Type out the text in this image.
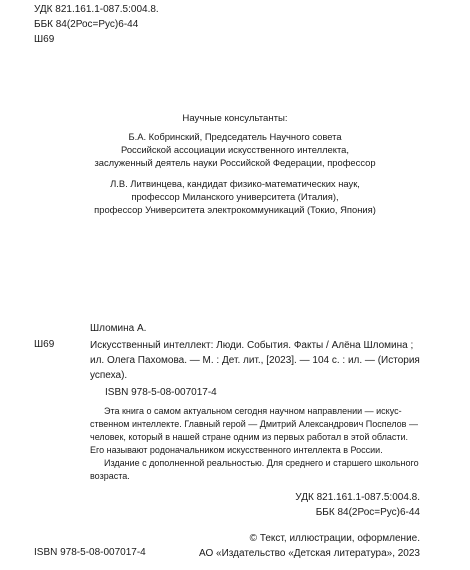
УДК 821.161.1-087.5:004.8.
ББК 84(2Рос=Рус)6-44
Ш69
Научные консультанты:
Б.А. Кобринский, Председатель Научного совета
Российской ассоциации искусственного интеллекта,
заслуженный деятель науки Российской Федерации, профессор
Л.В. Литвинцева, кандидат физико-математических наук,
профессор Миланского университета (Италия),
профессор Университета электрокоммуникаций (Токио, Япония)
Шломина А.
Ш69	Искусственный интеллект: Люди. События. Факты / Алёна Шломина ; ил. Олега Пахомова. — М. : Дет. лит., [2023]. — 104 с. : ил. — (История успеха).
ISBN 978-5-08-007017-4

Эта книга о самом актуальном сегодня научном направлении — искусственном интеллекте. Главный герой — Дмитрий Александрович Поспелов — человек, который в нашей стране одним из первых работал в этой области. Его называют родоначальником искусственного интеллекта в России.

Издание с дополненной реальностью. Для среднего и старшего школьного возраста.

УДК 821.161.1-087.5:004.8.
ББК 84(2Рос=Рус)6-44
ISBN 978-5-08-007017-4
© Текст, иллюстрации, оформление.
АО «Издательство «Детская литература», 2023
